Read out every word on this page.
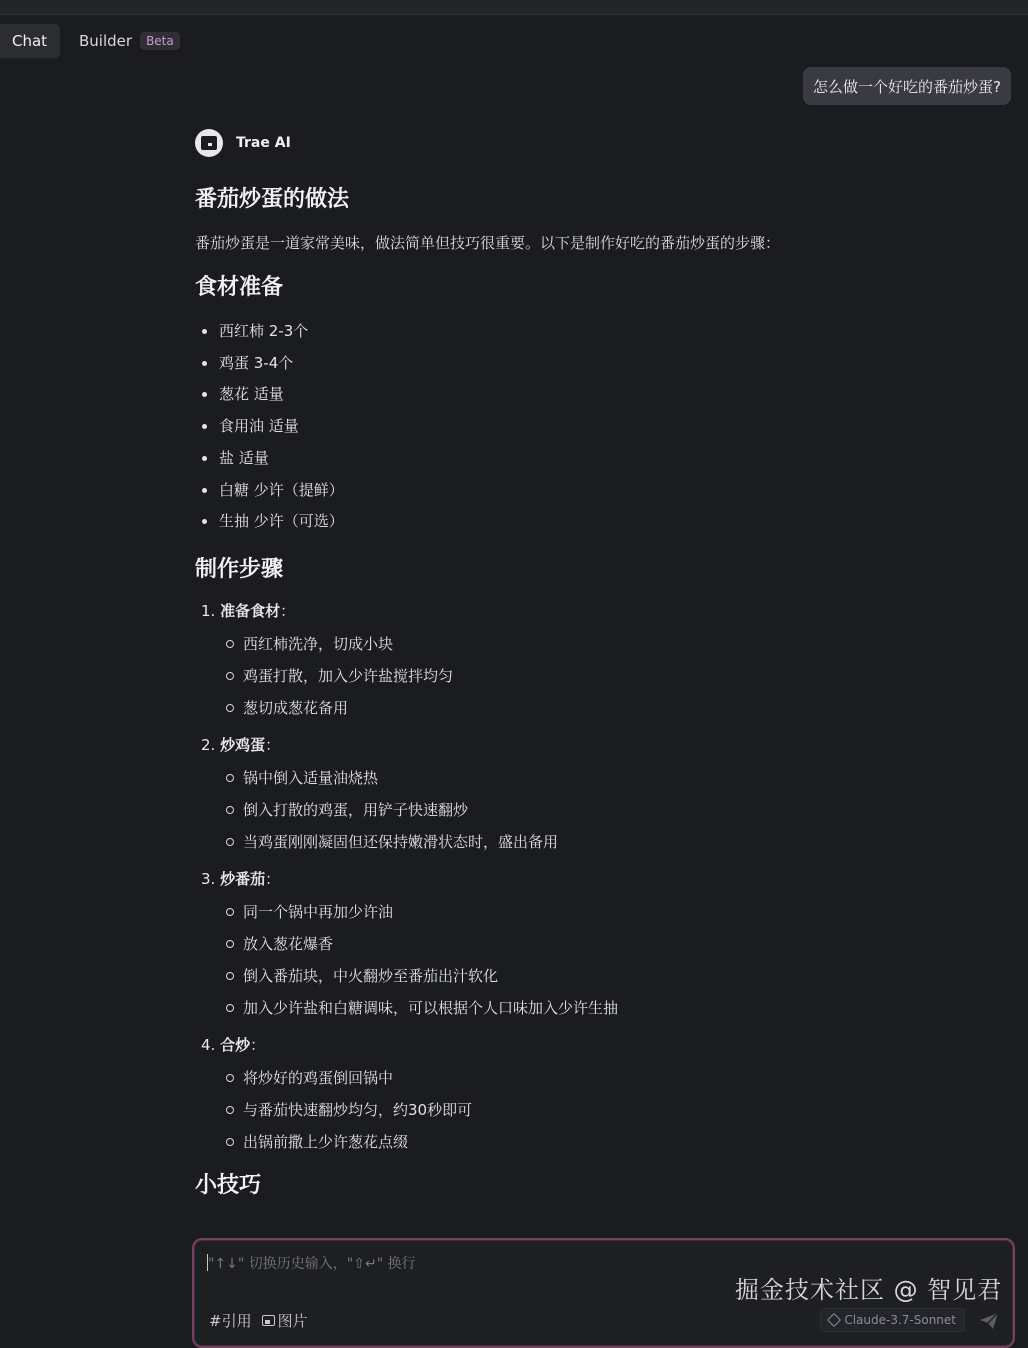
Chat Builder	Beta
怎么做一个好吃的番茄炒蛋?
Trae AI
番茄炒蛋的做法

番茄炒蛋是一道家常美味，做法简单但技巧很重要。以下是制作好吃的番茄炒蛋的步骤：

食材准备
西红柿 2-3个
鸡蛋 3-4个
葱花 适量
食用油 适量
盐 适量
白糖 少许（提鲜）
生抽 少许（可选）
制作步骤
1. 准备食材：
西红柿洗净，切成小块
鸡蛋打散，加入少许盐搅拌均匀
葱切成葱花备用
2. 炒鸡蛋：
锅中倒入适量油烧热
倒入打散的鸡蛋，用铲子快速翻炒
当鸡蛋刚刚凝固但还保持嫩滑状态时，盛出备用
3. 炒番茄：
同一个锅中再加少许油
放入葱花爆香
倒入番茄块，中火翻炒至番茄出汁软化
加入少许盐和白糖调味，可以根据个人口味加入少许生抽
4. 合炒：
将炒好的鸡蛋倒回锅中
与番茄快速翻炒均匀，约30秒即可
出锅前撒上少许葱花点缀
小技巧
"↑↓" 切换历史输入，"⇧↵" 换行
#引用 图片
掘金技术社区 @ 智见君
Claude-3.7-Sonnet
